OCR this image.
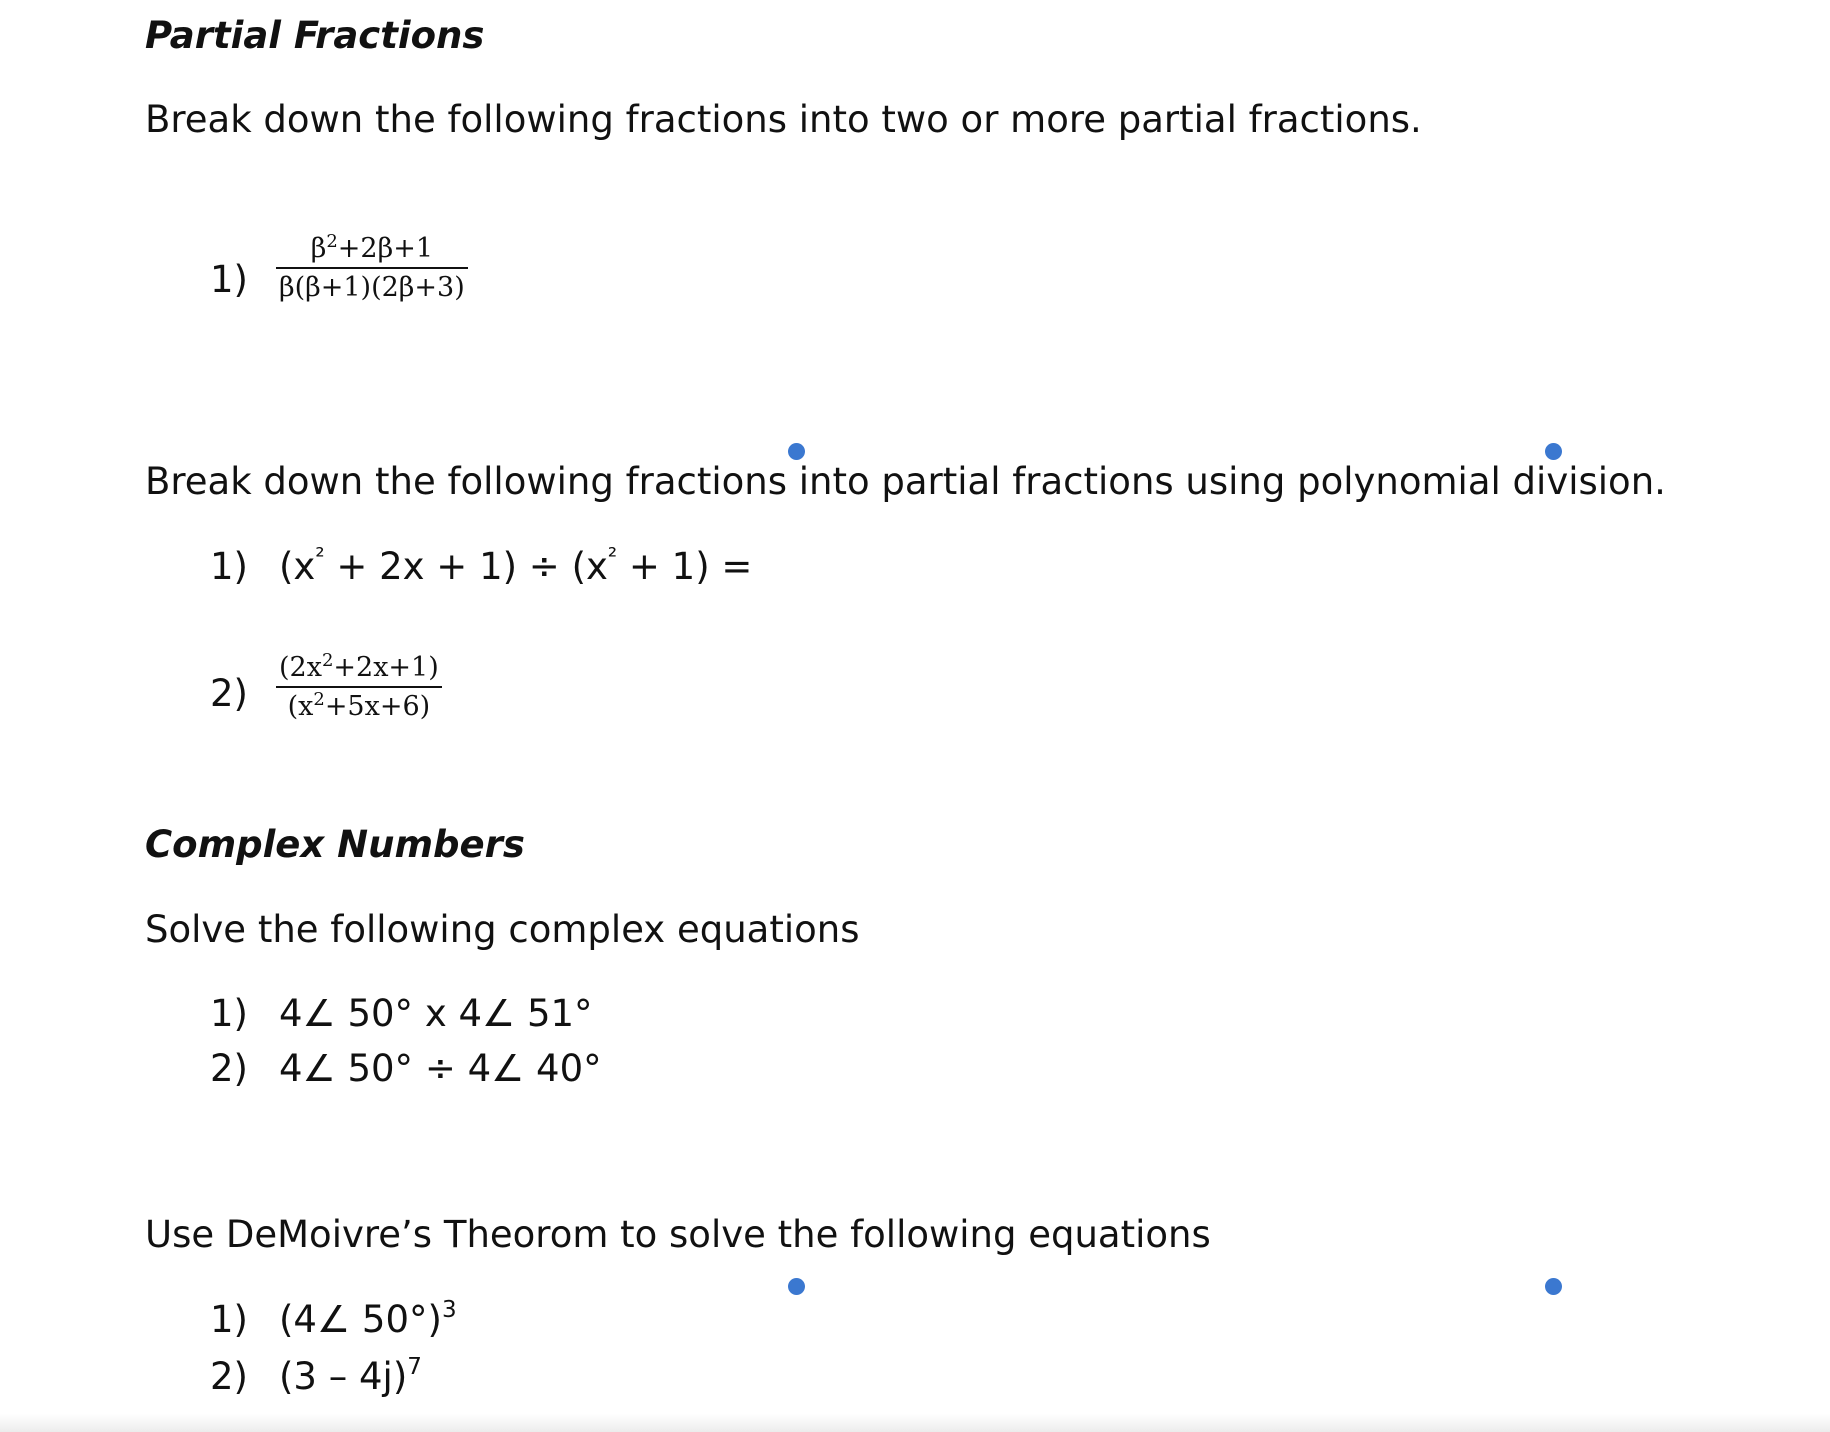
Partial Fractions
Break down the following fractions into two or more partial fractions.
1)
$\beta^2+2\beta+1$
β(β+1)(2β+3)
Break down the following fractions into partial fractions using polynomial division.
1) $(x^{^2} + 2x + 1) \div (x^{^2} + 1)$ =
2)
$(2x^2+2x+1)$
$(x^2+5x+6)$
Complex Numbers
Solve the following complex equations
1) 4∠ 50° x 4∠ 51°
2) 4∠ 50° ÷ 4∠ 40°
Use DeMoivre’s Theorom to solve the following equations
1) (4∠ 50°)$^3$
2) (3 – 4j)$^7$
